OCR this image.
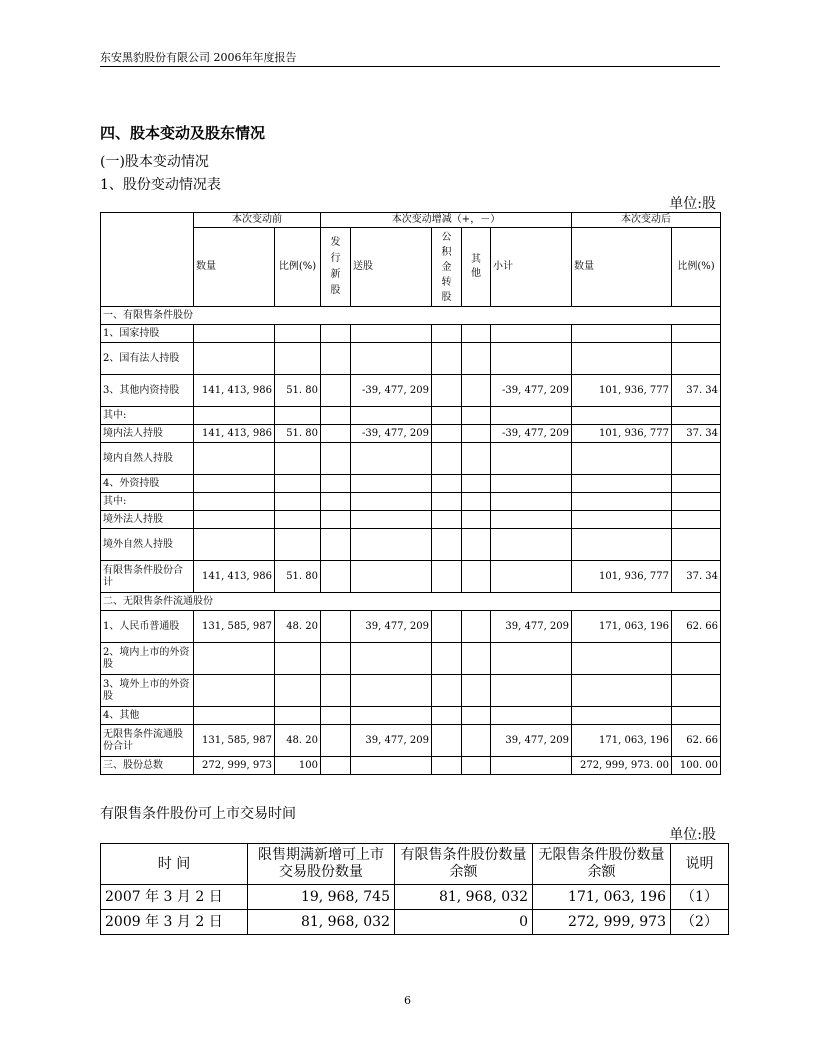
东安黑豹股份有限公司 2006年年度报告
四、股本变动及股东情况
(一)股本变动情况
1、股份变动情况表
单位:股
	本次变动前		本次变动增减（+，－）					本次变动后	
	数量	比例(%)	发行新股	送股	公积金转股	其他	小计	数量	比例(%)
一、有限售条件股份									
1、国家持股									
2、国有法人持股									
3、其他内资持股	141, 413, 986	51. 80		-39, 477, 209			-39, 477, 209	101, 936, 777	37. 34
其中:									
境内法人持股	141, 413, 986	51. 80		-39, 477, 209			-39, 477, 209	101, 936, 777	37. 34
境内自然人持股									
4、外资持股									
其中:									
境外法人持股									
境外自然人持股									
有限售条件股份合计	141, 413, 986	51. 80						101, 936, 777	37. 34
二、无限售条件流通股份									
1、人民币普通股	131, 585, 987	48. 20		39, 477, 209			39, 477, 209	171, 063, 196	62. 66
2、境内上市的外资股									
3、境外上市的外资股									
4、其他									
无限售条件流通股份合计	131, 585, 987	48. 20		39, 477, 209			39, 477, 209	171, 063, 196	62. 66
三、股份总数	272, 999, 973	100						272, 999, 973. 00	100. 00
有限售条件股份可上市交易时间
单位:股
时 间	限售期满新增可上市交易股份数量	有限售条件股份数量余额	无限售条件股份数量余额	说明
2007 年 3 月 2 日	19, 968, 745	81, 968, 032	171, 063, 196	（1）
2009 年 3 月 2 日	81, 968, 032	0	272, 999, 973	（2）
6
